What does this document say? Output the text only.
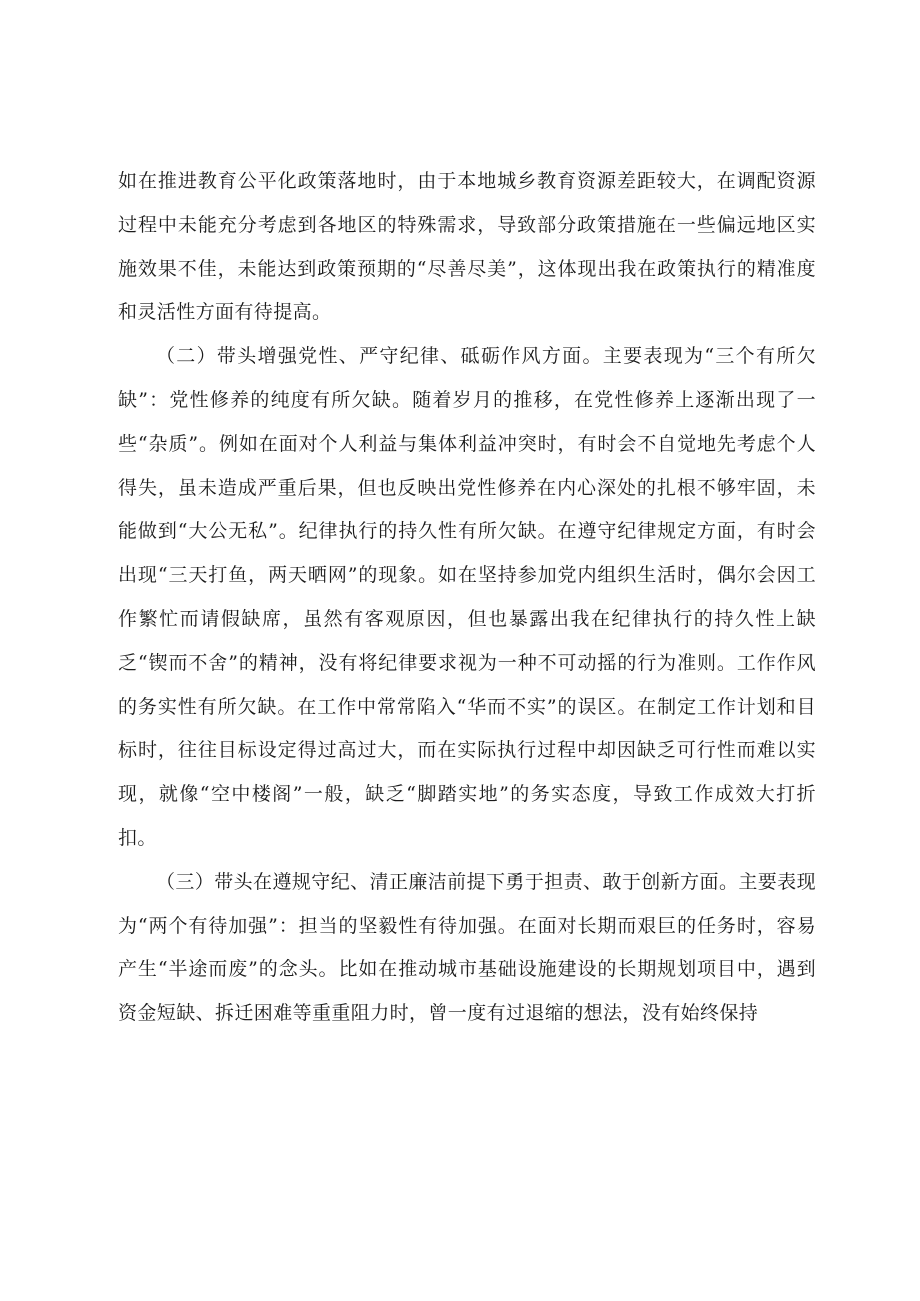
如在推进教育公平化政策落地时，由于本地城乡教育资源差距较大，在调配资源过程中未能充分考虑到各地区的特殊需求，导致部分政策措施在一些偏远地区实施效果不佳，未能达到政策预期的“尽善尽美”，这体现出我在政策执行的精准度和灵活性方面有待提高。

（二）带头增强党性、严守纪律、砥砺作风方面。主要表现为“三个有所欠缺”：党性修养的纯度有所欠缺。随着岁月的推移，在党性修养上逐渐出现了一些“杂质”。例如在面对个人利益与集体利益冲突时，有时会不自觉地先考虑个人得失，虽未造成严重后果，但也反映出党性修养在内心深处的扎根不够牢固，未能做到“大公无私”。纪律执行的持久性有所欠缺。在遵守纪律规定方面，有时会出现“三天打鱼，两天晒网”的现象。如在坚持参加党内组织生活时，偶尔会因工作繁忙而请假缺席，虽然有客观原因，但也暴露出我在纪律执行的持久性上缺乏“锲而不舍”的精神，没有将纪律要求视为一种不可动摇的行为准则。工作作风的务实性有所欠缺。在工作中常常陷入“华而不实”的误区。在制定工作计划和目标时，往往目标设定得过高过大，而在实际执行过程中却因缺乏可行性而难以实现，就像“空中楼阁”一般，缺乏“脚踏实地”的务实态度，导致工作成效大打折扣。

（三）带头在遵规守纪、清正廉洁前提下勇于担责、敢于创新方面。主要表现为“两个有待加强”：担当的坚毅性有待加强。在面对长期而艰巨的任务时，容易产生“半途而废”的念头。比如在推动城市基础设施建设的长期规划项目中，遇到资金短缺、拆迁困难等重重阻力时，曾一度有过退缩的想法，没有始终保持
